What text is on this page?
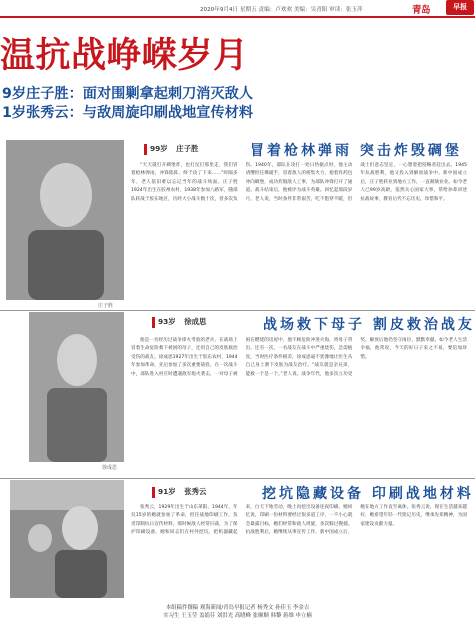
2020年9月4日 星期五 责编：卢欢欢 美编：吴青阳 审读：张玉萍	青岛	早报
温抗战峥嵘岁月
9岁庄子胜：面对围剿拿起刺刀消灭敌人
1岁张秀云：与敌周旋印刷战地宣传材料
庄子胜
99岁 庄子胜	冒着枪林弹雨 突击炸毁碉堡
“天天就打开碉堡炸，也打仗打那里走，我们冒着枪林弹雨，冲锋陷阵，终于攻了下来……”时隔多年，老人依旧难以忘记当年的战斗场面。庄子胜1924年出生在胶州农村，1938年参加八路军，随部队转战于胶东地区，历经大小战斗数十次，曾多次负伤。1940年，部队在攻打一处日伪据点时，他主动请缨担任爆破手，冒着敌人的密集火力，抱着炸药包冲向碉堡，成功炸毁敌人工事，为部队冲锋打开了通道。战斗结束后，他被评为战斗英雄。回忆起那段岁月，老人说，当时条件非常艰苦，吃不饱穿不暖，但战士们意志坚定，一心想着把侵略者赶出去。1945年抗战胜利，他又投入到解放战争中。新中国成立后，庄子胜转业到地方工作，一直兢兢业业。如今老人已99岁高龄，依然关心国家大事，常给孙辈讲述抗战故事，教育后代不忘历史、珍惜和平。
徐成思
93岁 徐成思	战场救下母子 割皮救治战友
他是一名经历过战争烽火考验的老兵，在战场上冒着生命危险救下被困的母子，还用自己的皮肤救治受伤的战友。徐成思1927年出生于胶东农村，1944年参加革命，先后参加了多次重要战役。在一次战斗中，部队进入村庄时遭遇敌军炮火袭击，一对母子被困在燃烧的房屋中，他不顾危险冲进火海，将母子背出。还有一次，一名战友在战斗中严重烧伤，急需植皮，当时医疗条件极差，徐成思毫不犹豫地让医生从自己身上割下皮肤为战友治疗。“战友就是亲兄弟，能救一个是一个。”老人说。战争年代，他多次立功受奖。解放后他仍坚守岗位，默默奉献。如今老人生活幸福，他常说，今天的好日子来之不易，要倍加珍惜。
91岁 张秀云	挖坑隐藏设备 印刷战地材料
张秀云，1929年出生于山东莱阳，1944年，年仅15岁的她就参加了革命，担任战地印刷工作，负责印制抗日宣传材料。那时候敌人经常扫荡，为了保护印刷设备，她和同志们在村外挖坑，把机器藏起来，白天下地劳动，晚上再挖出设备连夜印刷。她回忆说，印刷一份材料要经过很多道工序，一不小心就会暴露目标，她们经常和敌人周旋，多次躲过搜捕。抗战胜利后，她继续从事宣传工作，新中国成立后，她在地方工作直至离休。张秀云说，现在生活越来越好，她希望年轻一代铭记历史，继承先辈精神，为国家建设贡献力量。
本组稿件撰稿 观海新闻/青岛早报记者 杨秀文 孙佳玉 李金吉
实习生 王玉莹 盖娟芬 刘洪光 高晓峰 张顺顺 韩黎 蒋维 申立楠
